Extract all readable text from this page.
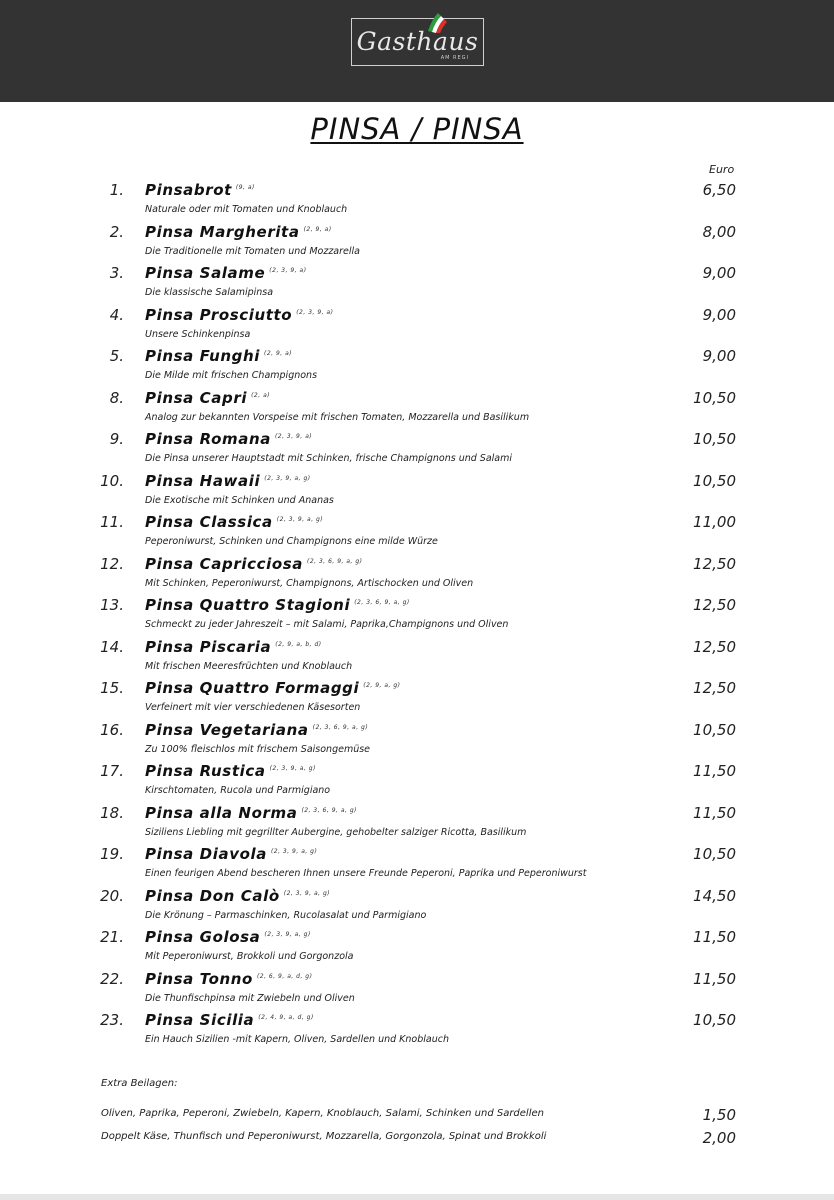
Gasthaus
AM REGI
PINSA / PINSA
Euro
1. Pinsabrot $^{(9, a)}$
Naturale oder mit Tomaten und Knoblauch
6,50
2. Pinsa Margherita $^{(2, 9, a)}$
Die Traditionelle mit Tomaten und Mozzarella
8,00
3. Pinsa Salame $^{(2, 3, 9, a)}$
Die klassische Salamipinsa
9,00
4. Pinsa Prosciutto $^{(2, 3, 9, a)}$
Unsere Schinkenpinsa
9,00
5. Pinsa Funghi $^{(2, 9, a)}$
Die Milde mit frischen Champignons
9,00
8. Pinsa Capri $^{(2, a)}$
Analog zur bekannten Vorspeise mit frischen Tomaten, Mozzarella und Basilikum
10,50
9. Pinsa Romana $^{(2, 3, 9, a)}$
Die Pinsa unserer Hauptstadt mit Schinken, frische Champignons und Salami
10,50
10. Pinsa Hawaii $^{(2, 3, 9, a, g)}$
Die Exotische mit Schinken und Ananas
10,50
11. Pinsa Classica $^{(2, 3, 9, a, g)}$
Peperoniwurst, Schinken und Champignons eine milde Würze
11,00
12. Pinsa Capricciosa $^{(2, 3, 6, 9, a, g)}$
Mit Schinken, Peperoniwurst, Champignons, Artischocken und Oliven
12,50
13. Pinsa Quattro Stagioni $^{(2, 3, 6, 9, a, g)}$
Schmeckt zu jeder Jahreszeit – mit Salami, Paprika,Champignons und Oliven
12,50
14. Pinsa Piscaria $^{(2, 9, a, b, d)}$
Mit frischen Meeresfrüchten und Knoblauch
12,50
15. Pinsa Quattro Formaggi $^{(2, 9, a, g)}$
Verfeinert mit vier verschiedenen Käsesorten
12,50
16. Pinsa Vegetariana $^{(2, 3, 6, 9, a, g)}$
Zu 100% fleischlos mit frischem Saisongemüse
10,50
17. Pinsa Rustica $^{(2, 3, 9, a, g)}$
Kirschtomaten, Rucola und Parmigiano
11,50
18. Pinsa alla Norma $^{(2, 3, 6, 9, a, g)}$
Siziliens Liebling mit gegrillter Aubergine, gehobelter salziger Ricotta, Basilikum
11,50
19. Pinsa Diavola $^{(2, 3, 9, a, g)}$
Einen feurigen Abend bescheren Ihnen unsere Freunde Peperoni, Paprika und Peperoniwurst
10,50
20. Pinsa Don Calò $^{(2, 3, 9, a, g)}$
Die Krönung – Parmaschinken, Rucolasalat und Parmigiano
14,50
21. Pinsa Golosa $^{(2, 3, 9, a, g)}$
Mit Peperoniwurst, Brokkoli und Gorgonzola
11,50
22. Pinsa Tonno $^{(2, 6, 9, a, d, g)}$
Die Thunfischpinsa mit Zwiebeln und Oliven
11,50
23. Pinsa Sicilia $^{(2, 4, 9, a, d, g)}$
Ein Hauch Sizilien -mit Kapern, Oliven, Sardellen und Knoblauch
10,50
Extra Beilagen:
Oliven, Paprika, Peperoni, Zwiebeln, Kapern, Knoblauch, Salami, Schinken und Sardellen	1,50
Doppelt Käse, Thunfisch und Peperoniwurst, Mozzarella, Gorgonzola, Spinat und Brokkoli	2,00
